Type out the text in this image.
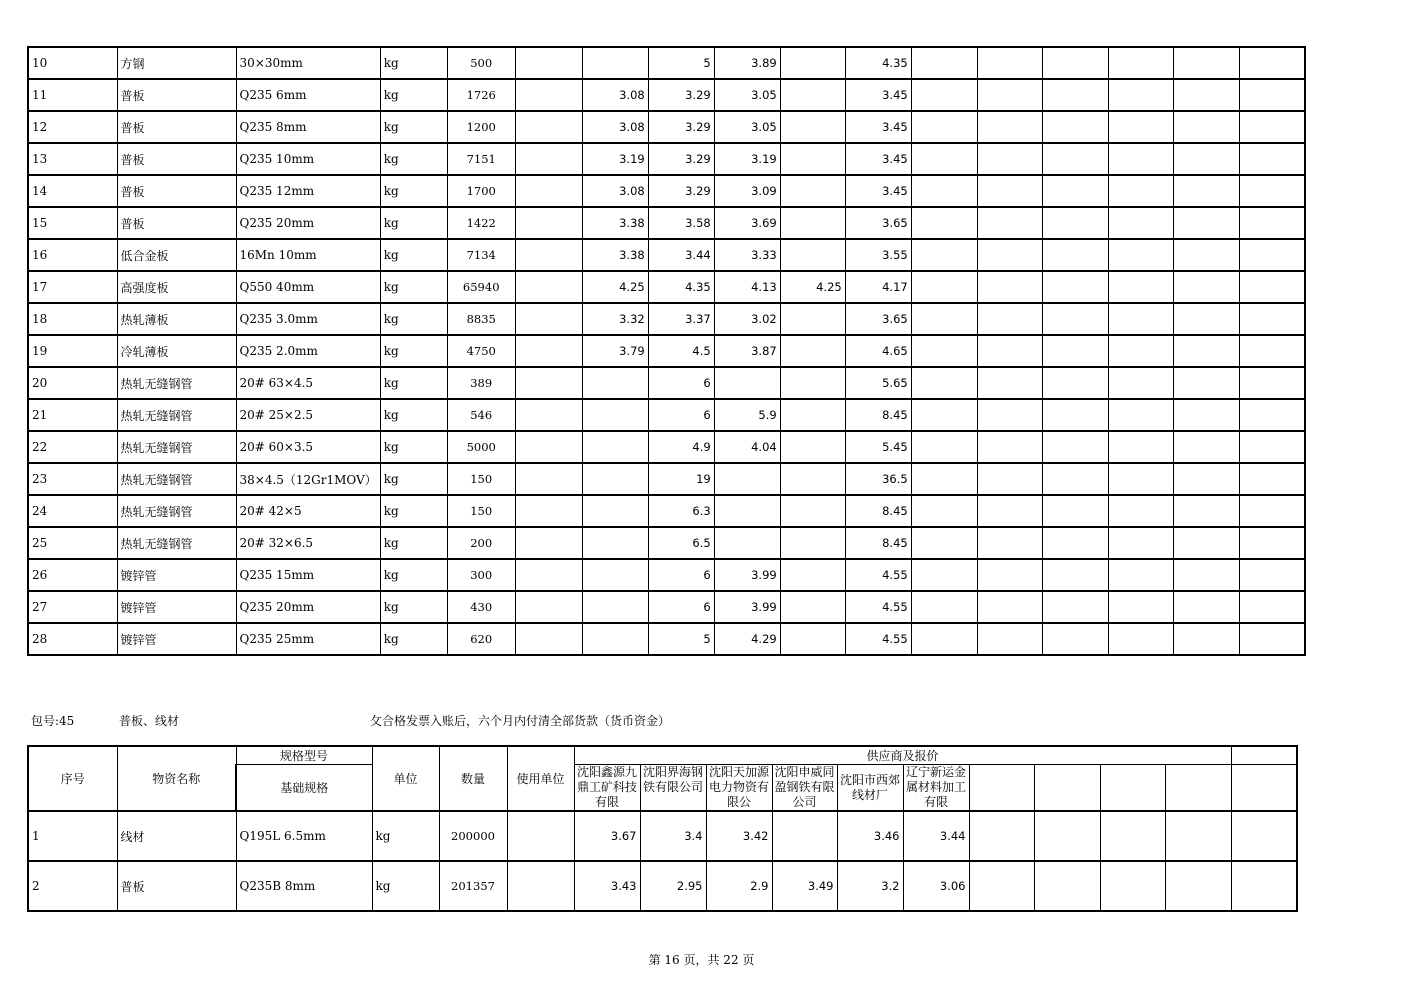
10	方钢	30×30mm	kg	500			5	3.89		4.35						
11	普板	Q235 6mm	kg	1726		3.08	3.29	3.05		3.45						
12	普板	Q235 8mm	kg	1200		3.08	3.29	3.05		3.45						
13	普板	Q235 10mm	kg	7151		3.19	3.29	3.19		3.45						
14	普板	Q235 12mm	kg	1700		3.08	3.29	3.09		3.45						
15	普板	Q235 20mm	kg	1422		3.38	3.58	3.69		3.65						
16	低合金板	16Mn 10mm	kg	7134		3.38	3.44	3.33		3.55						
17	高强度板	Q550 40mm	kg	65940		4.25	4.35	4.13	4.25	4.17						
18	热轧薄板	Q235 3.0mm	kg	8835		3.32	3.37	3.02		3.65						
19	冷轧薄板	Q235 2.0mm	kg	4750		3.79	4.5	3.87		4.65						
20	热轧无缝钢管	20# 63×4.5	kg	389			6			5.65						
21	热轧无缝钢管	20# 25×2.5	kg	546			6	5.9		8.45						
22	热轧无缝钢管	20# 60×3.5	kg	5000			4.9	4.04		5.45						
23	热轧无缝钢管	38×4.5（12Gr1MOV）	kg	150			19			36.5						
24	热轧无缝钢管	20# 42×5	kg	150			6.3			8.45						
25	热轧无缝钢管	20# 32×6.5	kg	200			6.5			8.45						
26	镀锌管	Q235 15mm	kg	300			6	3.99		4.55						
27	镀锌管	Q235 20mm	kg	430			6	3.99		4.55						
28	镀锌管	Q235 25mm	kg	620			5	4.29		4.55						
包号:45	普板、线材	攵合格发票入账后，六个月内付清全部货款（货币资金）
序号	物资名称	规格型号	单位	数量	使用单位	供应商及报价										
		基础规格				沈阳鑫源九鼎工矿科技有限	沈阳界海钢铁有限公司	沈阳天加源电力物资有限公	沈阳申威同盈钢铁有限公司	沈阳市西郊线材厂	辽宁新运金属材料加工有限					
1	线材	Q195L 6.5mm	kg	200000		3.67	3.4	3.42		3.46	3.44					
2	普板	Q235B 8mm	kg	201357		3.43	2.95	2.9	3.49	3.2	3.06					
第 16 页，共 22 页
